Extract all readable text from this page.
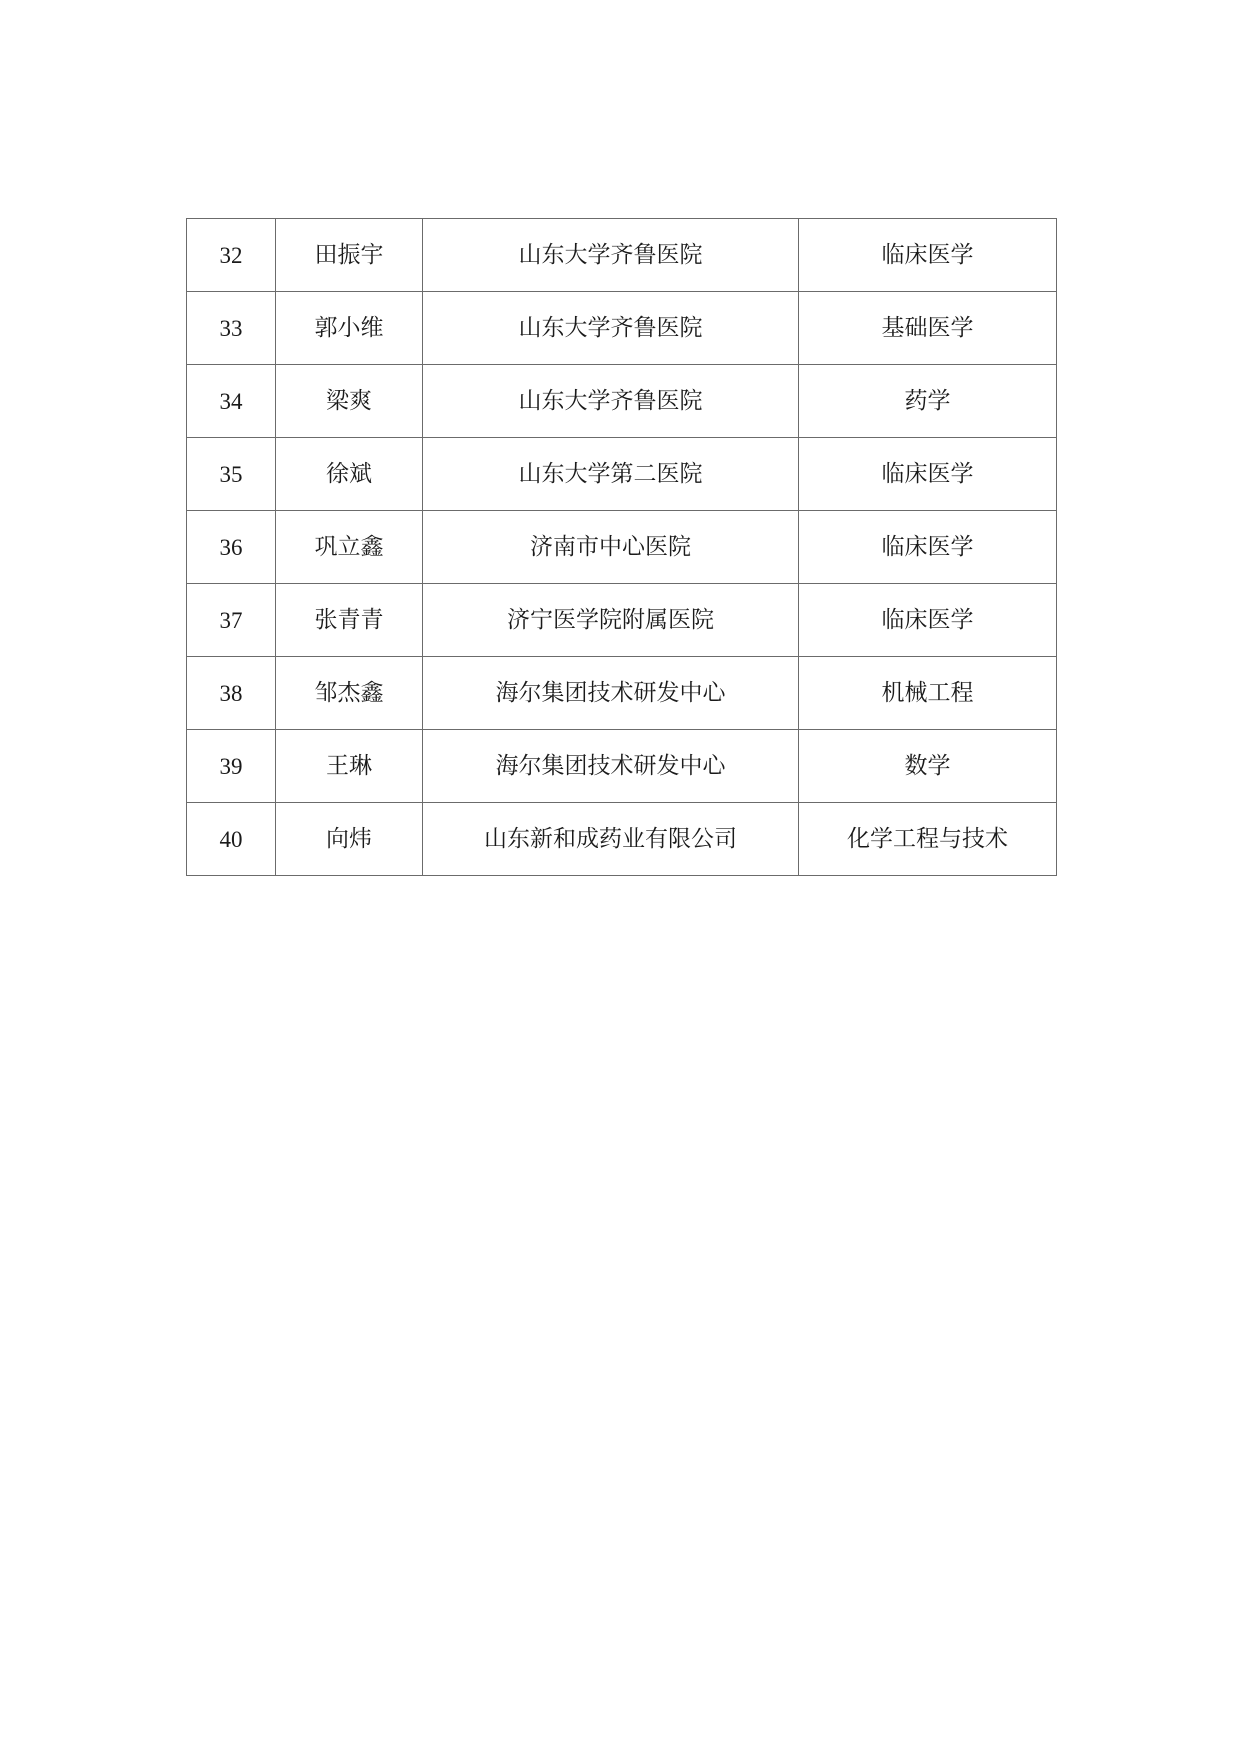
32	田振宇	山东大学齐鲁医院	临床医学
33	郭小维	山东大学齐鲁医院	基础医学
34	梁爽	山东大学齐鲁医院	药学
35	徐斌	山东大学第二医院	临床医学
36	巩立鑫	济南市中心医院	临床医学
37	张青青	济宁医学院附属医院	临床医学
38	邹杰鑫	海尔集团技术研发中心	机械工程
39	王琳	海尔集团技术研发中心	数学
40	向炜	山东新和成药业有限公司	化学工程与技术
